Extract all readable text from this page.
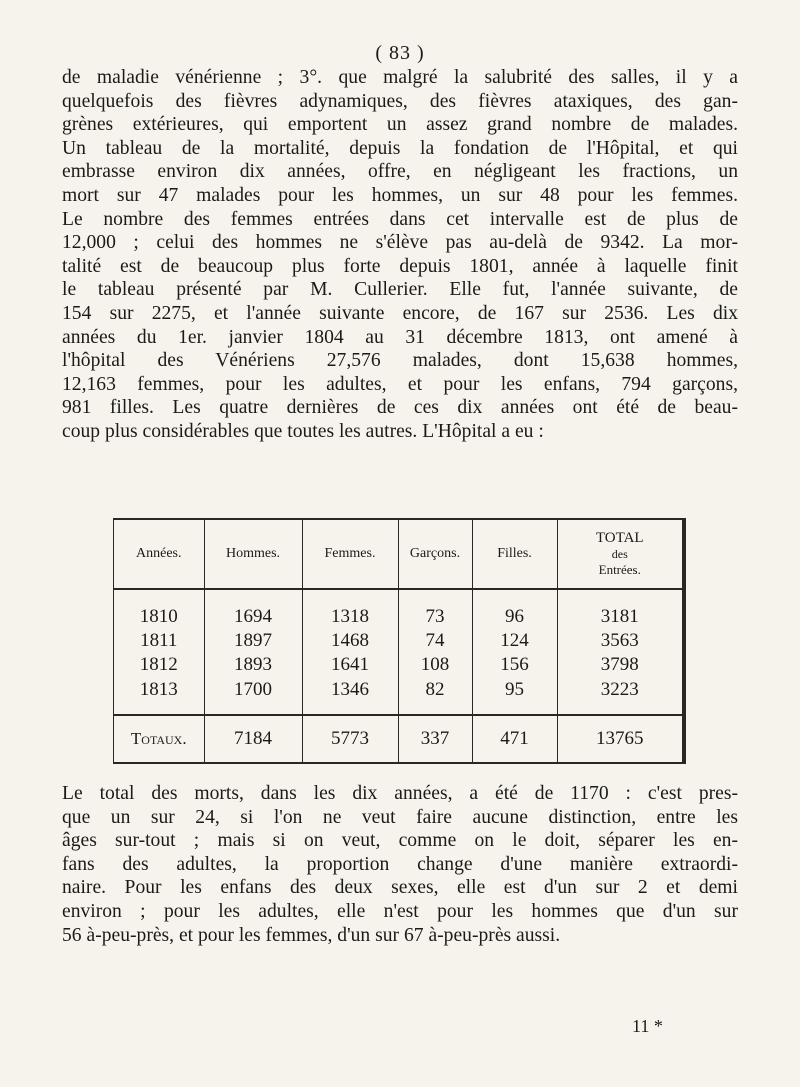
( 83 )

de maladie vénérienne ; 3°. que malgré la salubrité des salles, il y a

quelquefois des fièvres adynamiques, des fièvres ataxiques, des gan-

grènes extérieures, qui emportent un assez grand nombre de malades.

Un tableau de la mortalité, depuis la fondation de l'Hôpital, et qui

embrasse environ dix années, offre, en négligeant les fractions, un

mort sur 47 malades pour les hommes, un sur 48 pour les femmes.

Le nombre des femmes entrées dans cet intervalle est de plus de

12,000 ; celui des hommes ne s'élève pas au-delà de 9342. La mor-

talité est de beaucoup plus forte depuis 1801, année à laquelle finit

le tableau présenté par M. Cullerier. Elle fut, l'année suivante, de

154 sur 2275, et l'année suivante encore, de 167 sur 2536. Les dix

années du 1er. janvier 1804 au 31 décembre 1813, ont amené à

l'hôpital des Vénériens 27,576 malades, dont 15,638 hommes,

12,163 femmes, pour les adultes, et pour les enfans, 794 garçons,

981 filles. Les quatre dernières de ces dix années ont été de beau-

coup plus considérables que toutes les autres. L'Hôpital a eu :

Années.	Hommes.	Femmes.	Garçons.	Filles.	TOTAL
des
Entrées.

1810	1694	1318	73	96	3181
1811	1897	1468	74	124	3563
1812	1893	1641	108	156	3798
1813	1700	1346	82	95	3223
Totaux.	7184	5773	337	471	13765

Le total des morts, dans les dix années, a été de 1170 : c'est pres-

que un sur 24, si l'on ne veut faire aucune distinction, entre les

âges sur-tout ; mais si on veut, comme on le doit, séparer les en-

fans des adultes, la proportion change d'une manière extraordi-

naire. Pour les enfans des deux sexes, elle est d'un sur 2 et demi

environ ; pour les adultes, elle n'est pour les hommes que d'un sur

56 à-peu-près, et pour les femmes, d'un sur 67 à-peu-près aussi.

11 *
